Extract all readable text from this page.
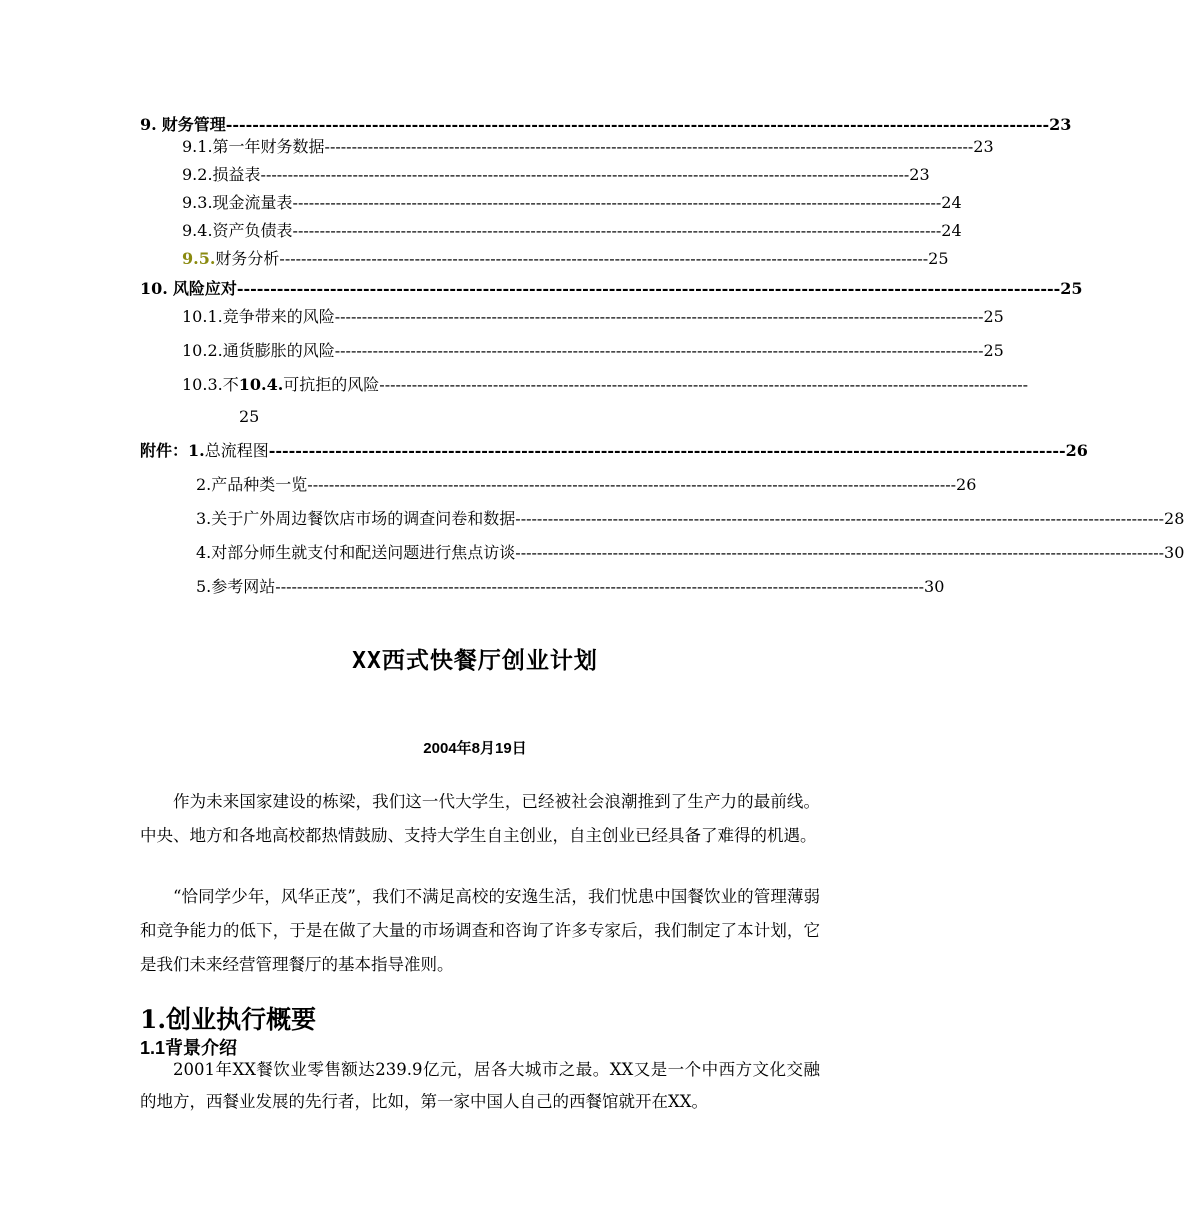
9. 财务管理 ---------------------------------------------------------------------------------------------------------------------------- 23
9.1. 第一年财务数据 ------------------------------------------------------------------------------------------------------------------------ 23
9.2. 损益表 ------------------------------------------------------------------------------------------------------------------------ 23
9.3. 现金流量表 ------------------------------------------------------------------------------------------------------------------------ 24
9.4. 资产负债表 ------------------------------------------------------------------------------------------------------------------------ 24
9.5. 财务分析 ------------------------------------------------------------------------------------------------------------------------ 25
10. 风险应对 ---------------------------------------------------------------------------------------------------------------------------- 25
10.1. 竞争带来的风险 ------------------------------------------------------------------------------------------------------------------------ 25
10.2. 通货膨胀的风险 ------------------------------------------------------------------------------------------------------------------------ 25
10.3. 不 10.4. 可抗拒的风险 ------------------------------------------------------------------------------------------------------------------------
25
附件：1. 总流程图 ------------------------------------------------------------------------------------------------------------------------ 26
2. 产品种类一览 ------------------------------------------------------------------------------------------------------------------------ 26
3. 关于广外周边餐饮店市场的调查问卷和数据 ------------------------------------------------------------------------------------------------------------------------ 28
4. 对部分师生就支付和配送问题进行焦点访谈 ------------------------------------------------------------------------------------------------------------------------ 30
5. 参考网站 ------------------------------------------------------------------------------------------------------------------------ 30
XX西式快餐厅创业计划
2004年8月19日

作为未来国家建设的栋梁，我们这一代大学生，已经被社会浪潮推到了生产力的最前线。中央、地方和各地高校都热情鼓励、支持大学生自主创业，自主创业已经具备了难得的机遇。

“恰同学少年，风华正茂”，我们不满足高校的安逸生活，我们忧患中国餐饮业的管理薄弱和竞争能力的低下，于是在做了大量的市场调查和咨询了许多专家后，我们制定了本计划，它是我们未来经营管理餐厅的基本指导准则。

1.创业执行概要
1.1背景介绍

2001年XX餐饮业零售额达239.9亿元，居各大城市之最。XX又是一个中西方文化交融的地方，西餐业发展的先行者，比如，第一家中国人自己的西餐馆就开在XX。
